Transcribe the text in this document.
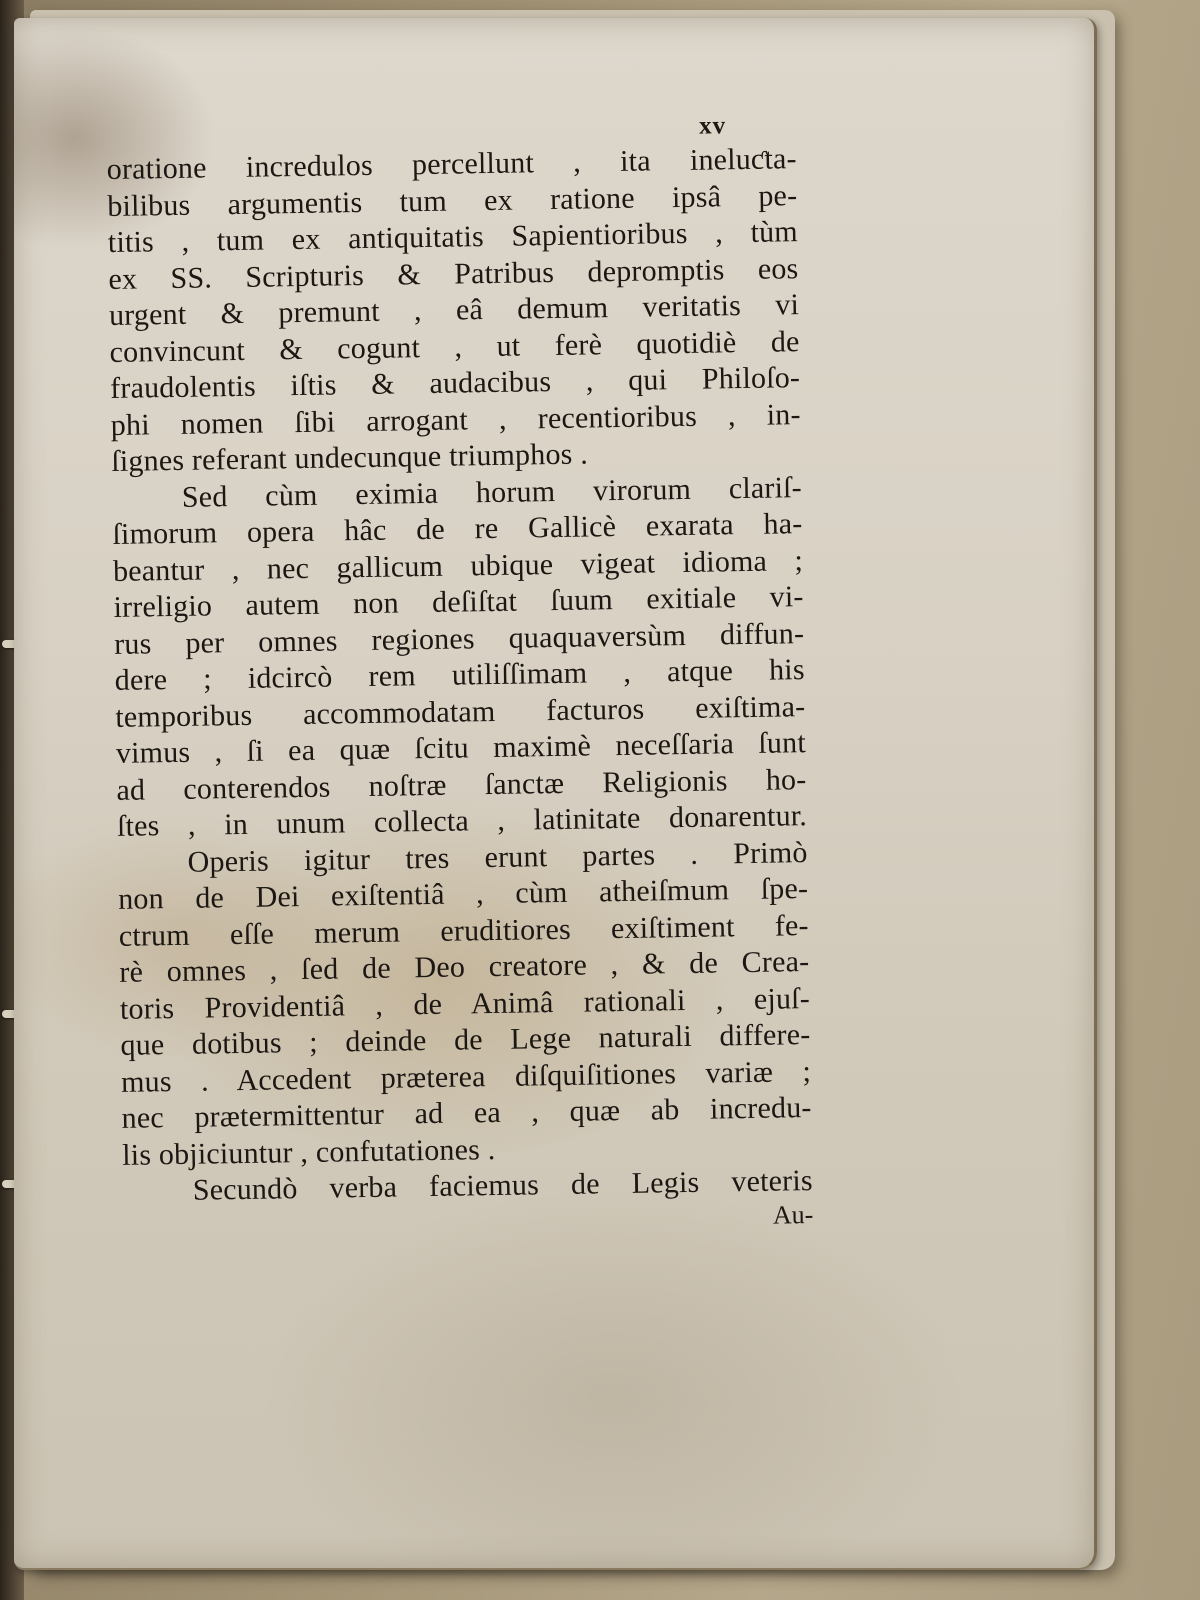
xv
oratione incredulos percellunt , ita ineluƈta-
bilibus argumentis tum ex ratione ipsâ pe-
titis , tum ex antiquitatis Sapientioribus , tùm
ex SS. Scripturis & Patribus depromptis eos
urgent & premunt , eâ demum veritatis vi
convincunt & cogunt , ut ferè quotidiè de
fraudolentis iſtis & audacibus , qui Philoſo-
phi nomen ſibi arrogant , recentioribus , in-
ſignes referant undecunque triumphos .
Sed cùm eximia horum virorum clariſ-
ſimorum opera hâc de re Gallicè exarata ha-
beantur , nec gallicum ubique vigeat idioma ;
irreligio autem non deſiſtat ſuum exitiale vi-
rus per omnes regiones quaquaversùm diffun-
dere ; idcircò rem utiliſſimam , atque his
temporibus accommodatam facturos exiſtima-
vimus , ſi ea quæ ſcitu maximè neceſſaria ſunt
ad conterendos noſtræ ſanctæ Religionis ho-
ſtes , in unum collecta , latinitate donarentur.
Operis igitur tres erunt partes . Primò
non de Dei exiſtentiâ , cùm atheiſmum ſpe-
ctrum eſſe merum eruditiores exiſtiment fe-
rè omnes , ſed de Deo creatore , & de Crea-
toris Providentiâ , de Animâ rationali , ejuſ-
que dotibus ; deinde de Lege naturali differe-
mus . Accedent præterea diſquiſitiones variæ ;
nec prætermittentur ad ea , quæ ab incredu-
lis objiciuntur , confutationes .
Secundò verba faciemus de Legis veteris
Au-
